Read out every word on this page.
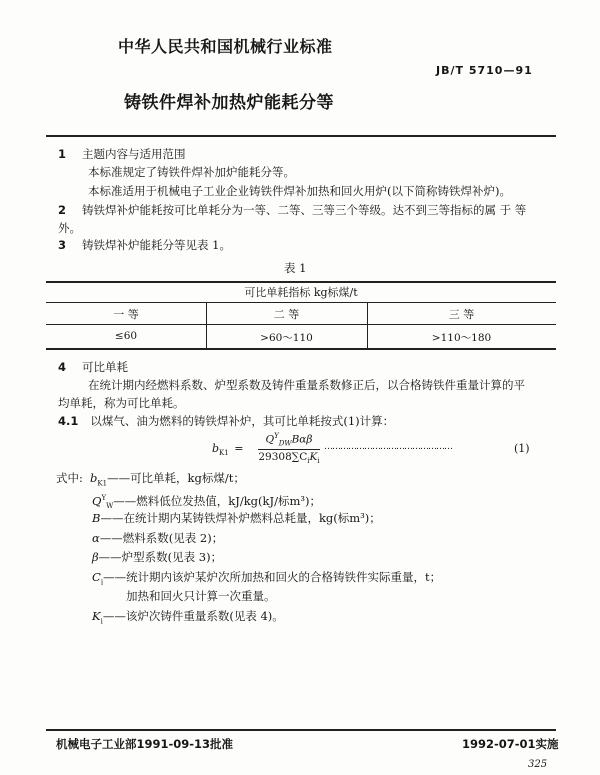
中华人民共和国机械行业标准
JB/T 5710—91
铸铁件焊补加热炉能耗分等
1 主题内容与适用范围
本标准规定了铸铁件焊补加炉能耗分等。
本标准适用于机械电子工业企业铸铁件焊补加热和回火用炉(以下简称铸铁焊补炉)。
2 铸铁焊补炉能耗按可比单耗分为一等、二等、三等三个等级。达不到三等指标的属 于 等
外。
3 铸铁焊补炉能耗分等见表 1。
表 1
可比单耗指标 kg标煤/t
一 等	二 等	三 等
≤60	>60～110	>110～180
4 可比单耗
在统计期内经燃料系数、炉型系数及铸件重量系数修正后，以合格铸铁件重量计算的平
均单耗，称为可比单耗。
4.1 以煤气、油为燃料的铸铁焊补炉，其可比单耗按式(1)计算：
$b_{K1}$ =
$Q^Y_{DW}B\alpha\beta$
$29308\sum C_iK_i$
…………………………………………	(1)
式中: $b_{K1}——$可比单耗，kg标煤/t；
$Q^Y_W——$燃料低位发热值，kJ/kg(kJ/标m³)；
B——在统计期内某铸铁焊补炉燃料总耗量，kg(标m³)；
α——燃料系数(见表 2)；
β——炉型系数(见表 3)；
$C_i——$统计期内该炉某炉次所加热和回火的合格铸铁件实际重量，t；
加热和回火只计算一次重量。
$K_i——$该炉次铸件重量系数(见表 4)。
机械电子工业部1991-09-13批准	1992-07-01实施
325
